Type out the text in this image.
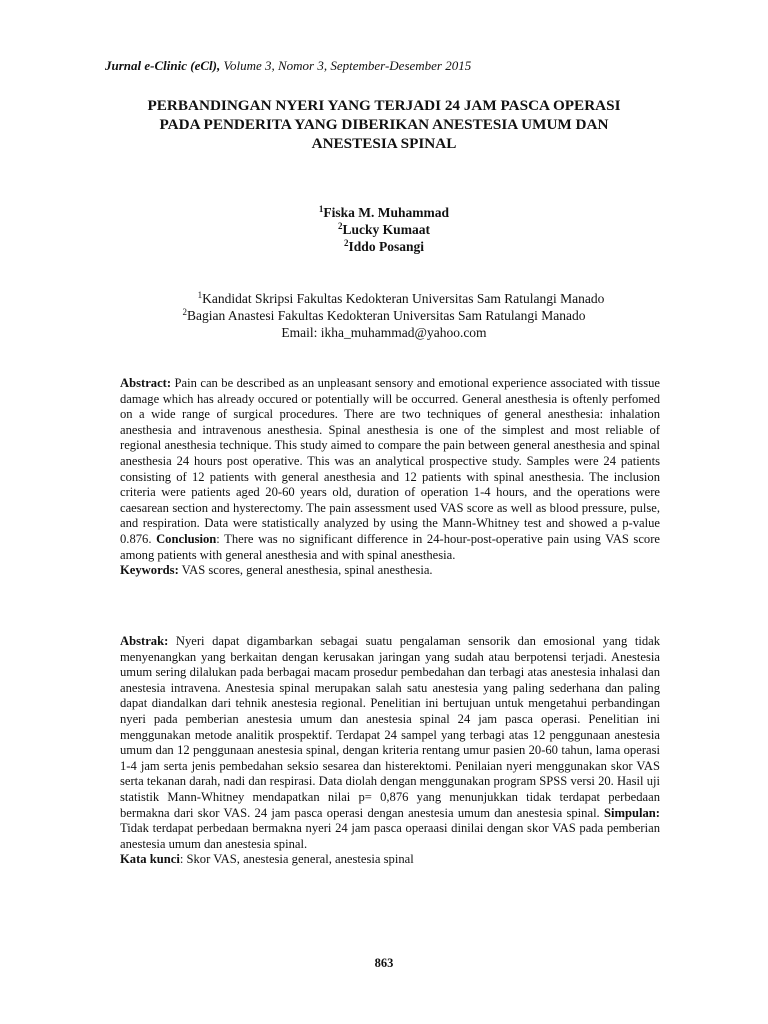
Jurnal e-Clinic (eCl), Volume 3, Nomor 3, September-Desember 2015
PERBANDINGAN NYERI YANG TERJADI 24 JAM PASCA OPERASI
PADA PENDERITA YANG DIBERIKAN ANESTESIA UMUM DAN
ANESTESIA SPINAL
$^1$Fiska M. Muhammad
$^2$Lucky Kumaat
$^2$Iddo Posangi
$^1$Kandidat Skripsi Fakultas Kedokteran Universitas Sam Ratulangi Manado
$^2$Bagian Anastesi Fakultas Kedokteran Universitas Sam Ratulangi Manado
Email: ikha_muhammad@yahoo.com

Abstract: Pain can be described as an unpleasant sensory and emotional experience associated with tissue damage which has already occured or potentially will be occurred. General anesthesia is oftenly perfomed on a wide range of surgical procedures. There are two techniques of general anesthesia: inhalation anesthesia and intravenous anesthesia. Spinal anesthesia is one of the simplest and most reliable of regional anesthesia technique. This study aimed to compare the pain between general anesthesia and spinal anesthesia 24 hours post operative. This was an analytical prospective study. Samples were 24 patients consisting of 12 patients with general anesthesia and 12 patients with spinal anesthesia. The inclusion criteria were patients aged 20-60 years old, duration of operation 1-4 hours, and the operations were caesarean section and hysterectomy. The pain assessment used VAS score as well as blood pressure, pulse, and respiration. Data were statistically analyzed by using the Mann-Whitney test and showed a p-value 0.876. Conclusion: There was no significant difference in 24-hour-post-operative pain using VAS score among patients with general anesthesia and with spinal anesthesia.

Keywords: VAS scores, general anesthesia, spinal anesthesia.

Abstrak: Nyeri dapat digambarkan sebagai suatu pengalaman sensorik dan emosional yang tidak menyenangkan yang berkaitan dengan kerusakan jaringan yang sudah atau berpotensi terjadi. Anestesia umum sering dilalukan pada berbagai macam prosedur pembedahan dan terbagi atas anestesia inhalasi dan anestesia intravena. Anestesia spinal merupakan salah satu anestesia yang paling sederhana dan paling dapat diandalkan dari tehnik anestesia regional. Penelitian ini bertujuan untuk mengetahui perbandingan nyeri pada pemberian anestesia umum dan anestesia spinal 24 jam pasca operasi. Penelitian ini menggunakan metode analitik prospektif. Terdapat 24 sampel yang terbagi atas 12 penggunaan anestesia umum dan 12 penggunaan anestesia spinal, dengan kriteria rentang umur pasien 20-60 tahun, lama operasi 1-4 jam serta jenis pembedahan seksio sesarea dan histerektomi. Penilaian nyeri menggunakan skor VAS serta tekanan darah, nadi dan respirasi. Data diolah dengan menggunakan program SPSS versi 20. Hasil uji statistik Mann-Whitney mendapatkan nilai p= 0,876 yang menunjukkan tidak terdapat perbedaan bermakna dari skor VAS. 24 jam pasca operasi dengan anestesia umum dan anestesia spinal. Simpulan: Tidak terdapat perbedaan bermakna nyeri 24 jam pasca operaasi dinilai dengan skor VAS pada pemberian anestesia umum dan anestesia spinal.

Kata kunci: Skor VAS, anestesia general, anestesia spinal

863
